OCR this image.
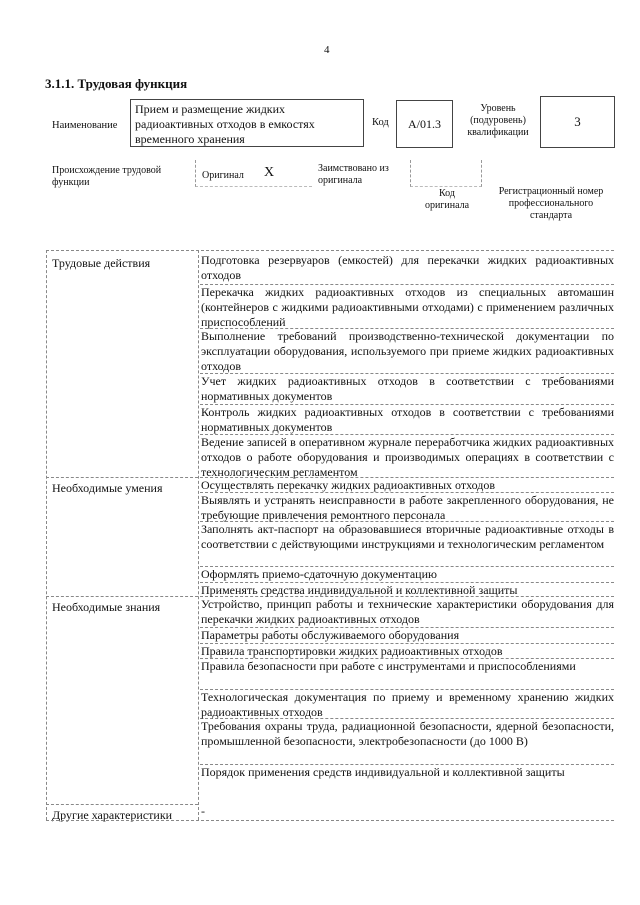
4
3.1.1. Трудовая функция
Наименование
Прием и размещение жидких радиоактивных отходов в емкостях временного хранения
Код	А/01.3
Уровень (подуровень) квалификации
3
Происхождение трудовой функции
Оригинал X	Заимствовано из оригинала
Код оригинала
Регистрационный номер профессионального стандарта
Трудовые действия
Необходимые умения
Необходимые знания
Другие характеристики
Подготовка резервуаров (емкостей) для перекачки жидких радиоактивных отходов
Перекачка жидких радиоактивных отходов из специальных автомашин (контейнеров с жидкими радиоактивными отходами) с применением различных приспособлений
Выполнение требований производственно-технической документации по эксплуатации оборудования, используемого при приеме жидких радиоактивных отходов
Учет жидких радиоактивных отходов в соответствии с требованиями нормативных документов
Контроль жидких радиоактивных отходов в соответствии с требованиями нормативных документов
Ведение записей в оперативном журнале переработчика жидких радиоактивных отходов о работе оборудования и производимых операциях в соответствии с технологическим регламентом
Осуществлять перекачку жидких радиоактивных отходов
Выявлять и устранять неисправности в работе закрепленного оборудования, не требующие привлечения ремонтного персонала
Заполнять акт-паспорт на образовавшиеся вторичные радиоактивные отходы в соответствии с действующими инструкциями и технологическим регламентом
Оформлять приемо-сдаточную документацию
Применять средства индивидуальной и коллективной защиты
Устройство, принцип работы и технические характеристики оборудования для перекачки жидких радиоактивных отходов
Параметры работы обслуживаемого оборудования
Правила транспортировки жидких радиоактивных отходов
Правила безопасности при работе с инструментами и приспособлениями
Технологическая документация по приему и временному хранению жидких радиоактивных отходов
Требования охраны труда, радиационной безопасности, ядерной безопасности, промышленной безопасности, электробезопасности (до 1000 В)
Порядок применения средств индивидуальной и коллективной защиты
-
